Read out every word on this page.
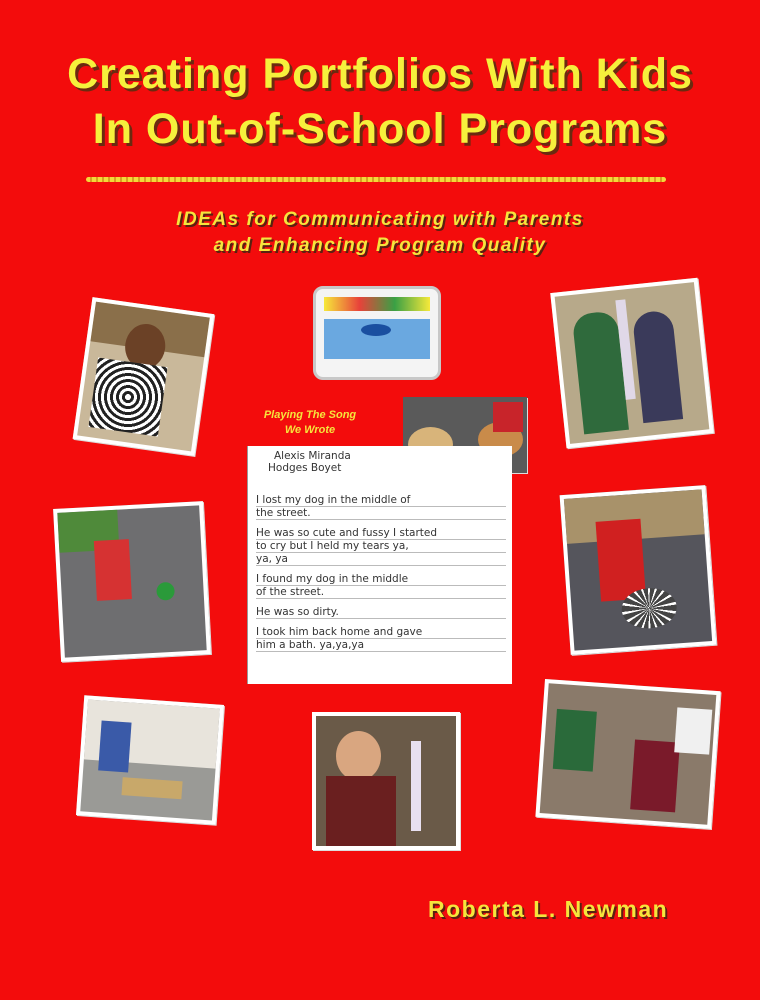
Creating Portfolios With Kids
In Out-of-School Programs
IDEAs for Communicating with Parents
and Enhancing Program Quality
Playing The Song
We Wrote
Alexis Miranda
Hodges Boyet
I lost my dog in the middle of
the street.
He was so cute and fussy I started
to cry but I held my tears ya,
ya, ya
I found my dog in the middle
of the street.
He was so dirty.
I took him back home and gave
him a bath. ya,ya,ya
Roberta L. Newman
